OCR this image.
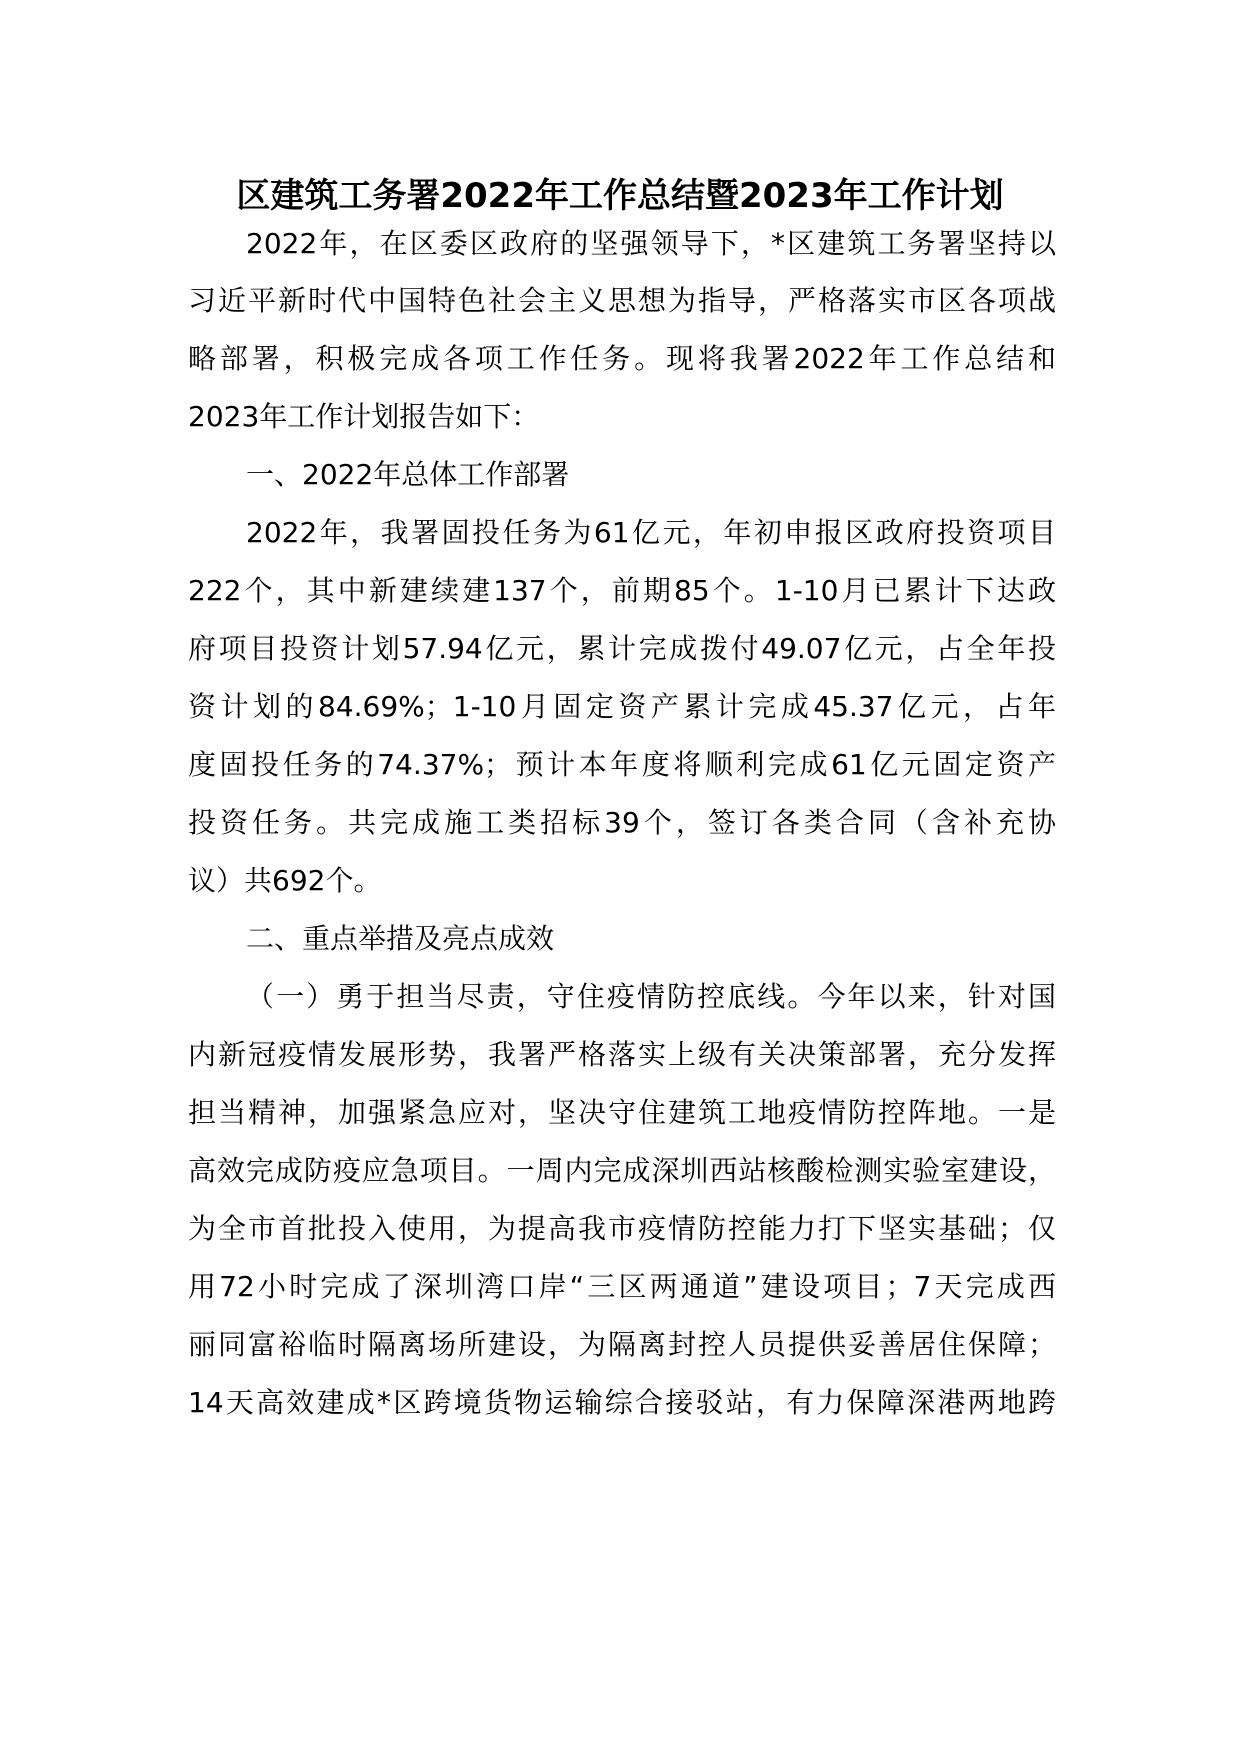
区建筑工务署2022年工作总结暨2023年工作计划
2022年，在区委区政府的坚强领导下，*区建筑工务署坚持以
习近平新时代中国特色社会主义思想为指导，严格落实市区各项战
略部署，积极完成各项工作任务。现将我署2022年工作总结和
2023年工作计划报告如下：
一、2022年总体工作部署
2022年，我署固投任务为61亿元，年初申报区政府投资项目
222个，其中新建续建137个，前期85个。1-10月已累计下达政
府项目投资计划57.94亿元，累计完成拨付49.07亿元，占全年投
资计划的84.69%；1-10月固定资产累计完成45.37亿元，占年
度固投任务的74.37%；预计本年度将顺利完成61亿元固定资产
投资任务。共完成施工类招标39个，签订各类合同（含补充协
议）共692个。
二、重点举措及亮点成效
（一）勇于担当尽责，守住疫情防控底线。今年以来，针对国
内新冠疫情发展形势，我署严格落实上级有关决策部署，充分发挥
担当精神，加强紧急应对，坚决守住建筑工地疫情防控阵地。一是
高效完成防疫应急项目。一周内完成深圳西站核酸检测实验室建设，
为全市首批投入使用，为提高我市疫情防控能力打下坚实基础；仅
用72小时完成了深圳湾口岸“三区两通道”建设项目；7天完成西
丽同富裕临时隔离场所建设，为隔离封控人员提供妥善居住保障；
14天高效建成*区跨境货物运输综合接驳站，有力保障深港两地跨
